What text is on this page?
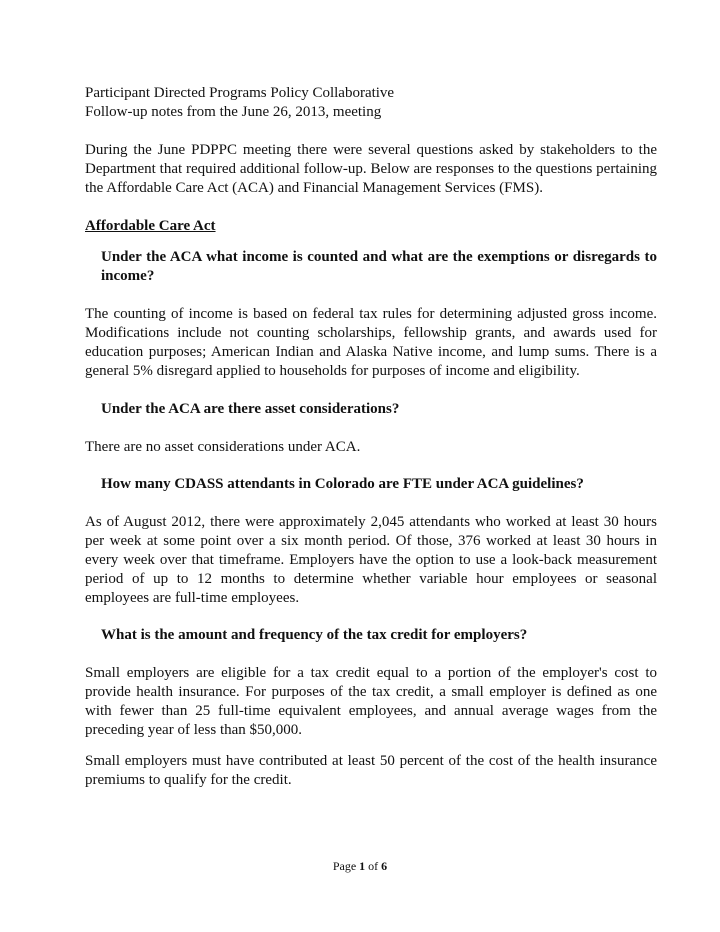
Participant Directed Programs Policy Collaborative
Follow-up notes from the June 26, 2013, meeting

During the June PDPPC meeting there were several questions asked by stakeholders to the Department that required additional follow-up. Below are responses to the questions pertaining the Affordable Care Act (ACA) and Financial Management Services (FMS).

Affordable Care Act

Under the ACA what income is counted and what are the exemptions or disregards to income?

The counting of income is based on federal tax rules for determining adjusted gross income. Modifications include not counting scholarships, fellowship grants, and awards used for education purposes; American Indian and Alaska Native income, and lump sums. There is a general 5% disregard applied to households for purposes of income and eligibility.

Under the ACA are there asset considerations?

There are no asset considerations under ACA.

How many CDASS attendants in Colorado are FTE under ACA guidelines?

As of August 2012, there were approximately 2,045 attendants who worked at least 30 hours per week at some point over a six month period. Of those, 376 worked at least 30 hours in every week over that timeframe. Employers have the option to use a look-back measurement period of up to 12 months to determine whether variable hour employees or seasonal employees are full-time employees.

What is the amount and frequency of the tax credit for employers?

Small employers are eligible for a tax credit equal to a portion of the employer's cost to provide health insurance. For purposes of the tax credit, a small employer is defined as one with fewer than 25 full-time equivalent employees, and annual average wages from the preceding year of less than $50,000.

Small employers must have contributed at least 50 percent of the cost of the health insurance premiums to qualify for the credit.

Page 1 of 6
